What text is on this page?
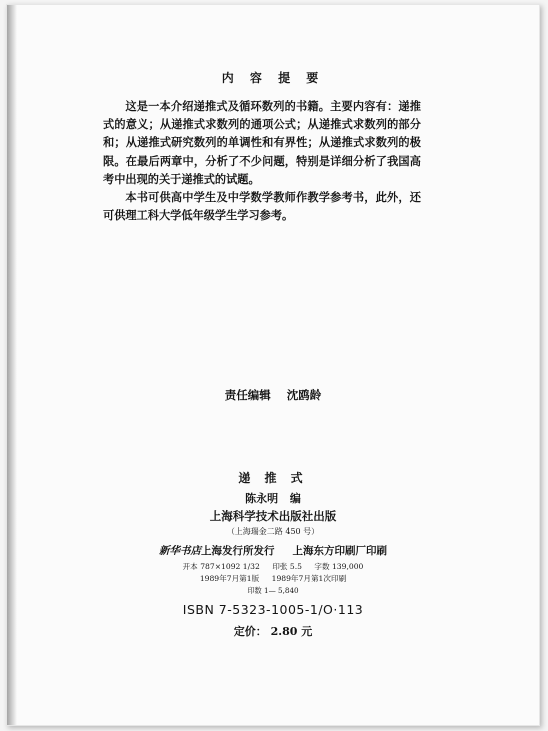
内 容 提 要

这是一本介绍递推式及循环数列的书籍。主要内容有：递推式的意义；从递推式求数列的通项公式；从递推式求数列的部分和；从递推式研究数列的单调性和有界性；从递推式求数列的极限。在最后两章中，分析了不少问题，特别是详细分析了我国高考中出现的关于递推式的试题。

本书可供高中学生及中学数学教师作教学参考书，此外，还可供理工科大学低年级学生学习参考。

责任编辑 沈鸥龄
递 推 式
陈永明 编
上海科学技术出版社出版
（上海瑞金二路 450 号）
新华书店上海发行所发行 上海东方印刷厂印刷
开本 787×1092 1/32 印张 5.5 字数 139,000
1989年7月第1版 1989年7月第1次印刷
印数 1— 5,840
ISBN 7-5323-1005-1/O·113
定价： 2.80 元
